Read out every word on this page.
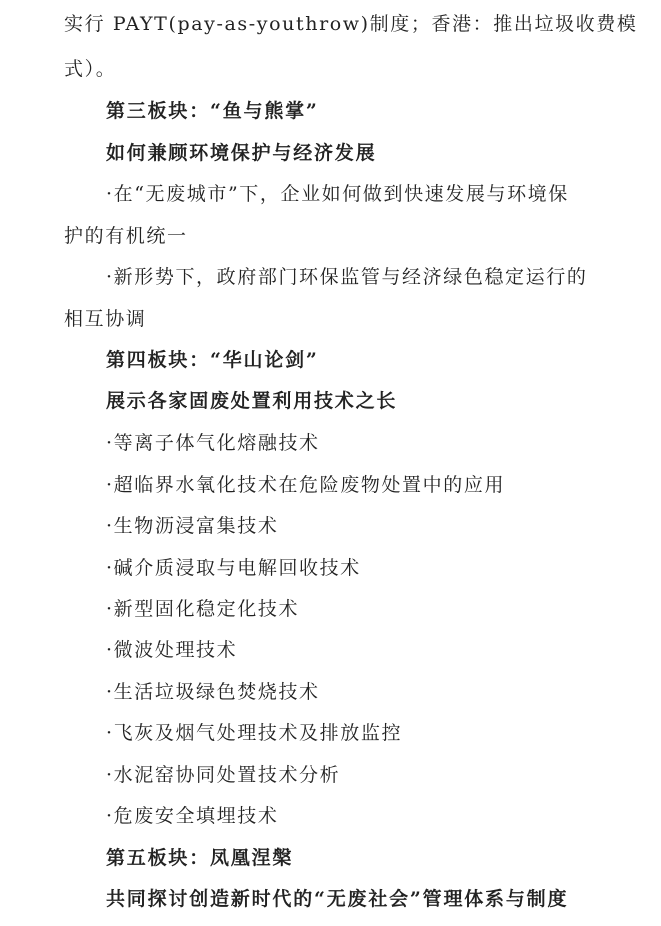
实行 PAYT(pay-as-youthrow)制度；香港：推出垃圾收费模
式）。
第三板块：“鱼与熊掌”
如何兼顾环境保护与经济发展
·在“无废城市”下，企业如何做到快速发展与环境保
护的有机统一
·新形势下，政府部门环保监管与经济绿色稳定运行的
相互协调
第四板块：“华山论剑”
展示各家固废处置利用技术之长
·等离子体气化熔融技术
·超临界水氧化技术在危险废物处置中的应用
·生物沥浸富集技术
·碱介质浸取与电解回收技术
·新型固化稳定化技术
·微波处理技术
·生活垃圾绿色焚烧技术
·飞灰及烟气处理技术及排放监控
·水泥窑协同处置技术分析
·危废安全填埋技术
第五板块：凤凰涅槃
共同探讨创造新时代的“无废社会”管理体系与制度
